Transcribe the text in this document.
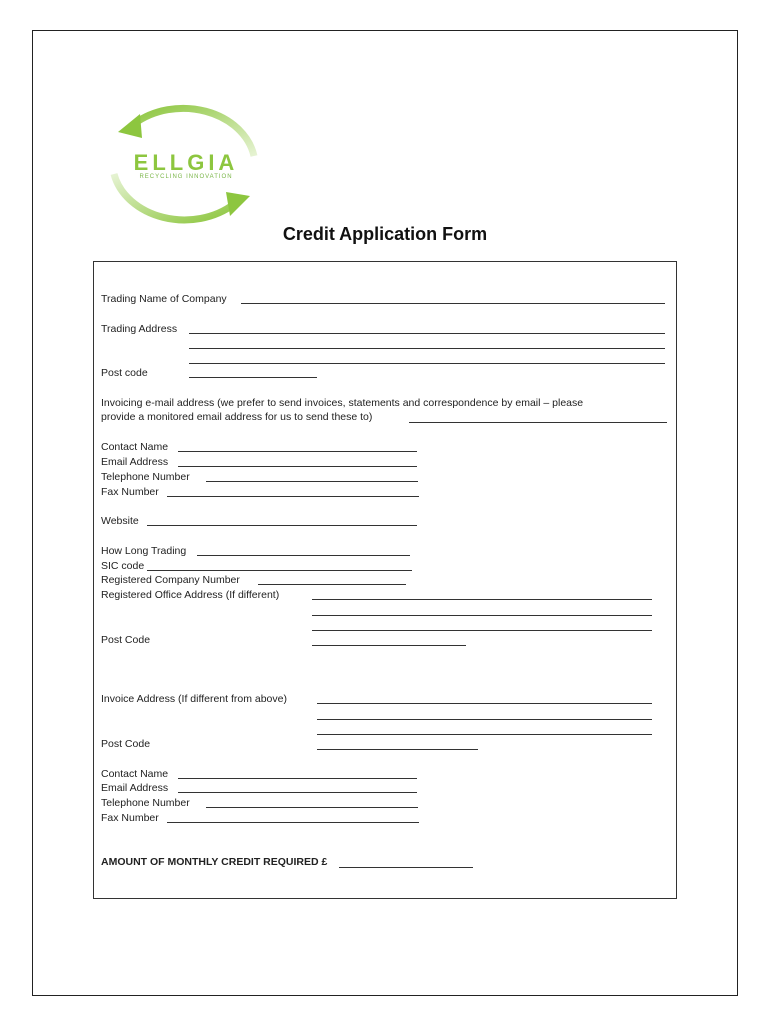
ELLGIA
RECYCLING INNOVATION
Credit Application Form
Trading Name of Company
Trading Address
Post code
Invoicing e-mail address (we prefer to send invoices, statements and correspondence by email – please
provide a monitored email address for us to send these to)
Contact Name
Email Address
Telephone Number
Fax Number
Website
How Long Trading
SIC code
Registered Company Number
Registered Office Address (If different)
Post Code
Invoice Address (If different from above)
Post Code
Contact Name
Email Address
Telephone Number
Fax Number
AMOUNT OF MONTHLY CREDIT REQUIRED £
